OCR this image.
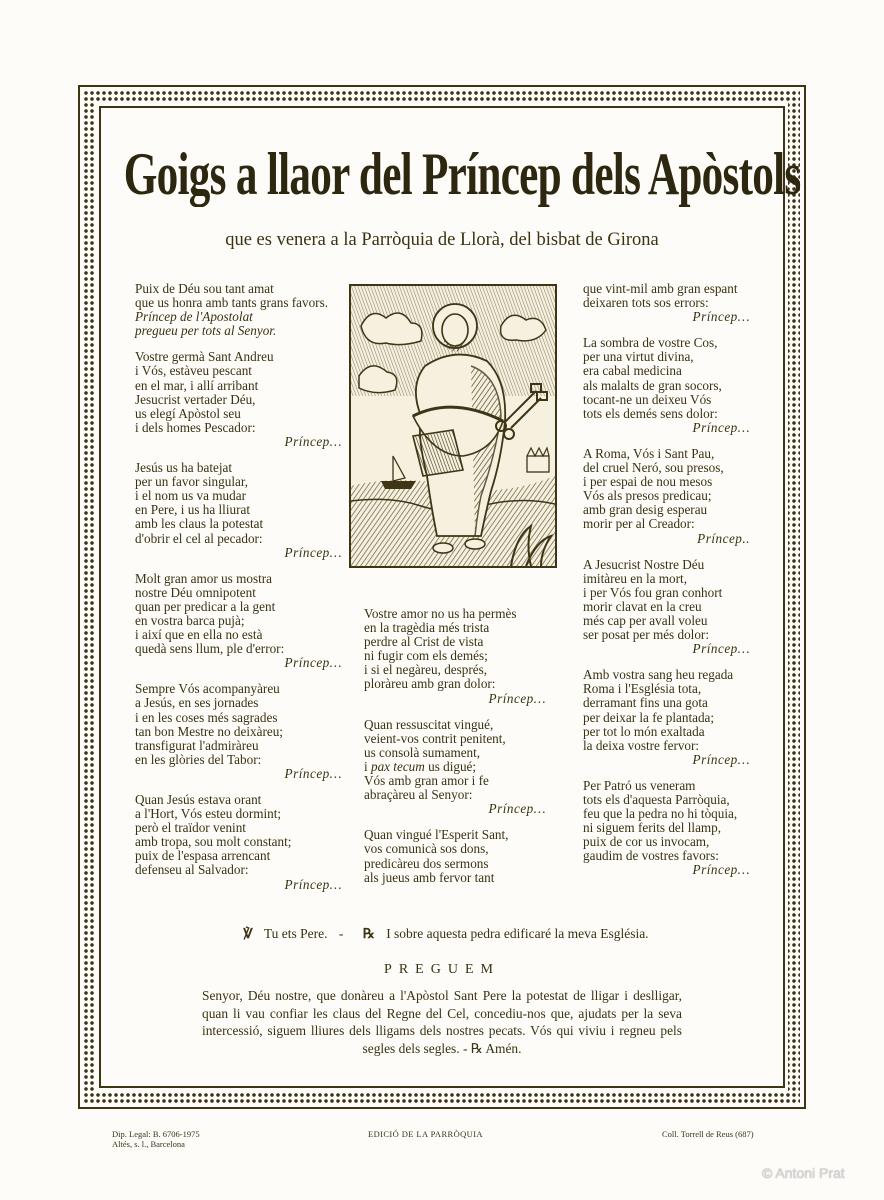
Goigs a llaor del Príncep dels Apòstols
que es venera a la Parròquia de Llorà, del bisbat de Girona
Puix de Déu sou tant amat
que us honra amb tants grans favors.
Príncep de l'Apostolat
pregueu per tots al Senyor.
Vostre germà Sant Andreu
i Vós, estàveu pescant
en el mar, i allí arribant
Jesucrist vertader Déu,
us elegí Apòstol seu
i dels homes Pescador:
Príncep…
Jesús us ha batejat
per un favor singular,
i el nom us va mudar
en Pere, i us ha lliurat
amb les claus la potestat
d'obrir el cel al pecador:
Príncep…
Molt gran amor us mostra
nostre Déu omnipotent
quan per predicar a la gent
en vostra barca pujà;
i així que en ella no està
quedà sens llum, ple d'error:
Príncep…
Sempre Vós acompanyàreu
a Jesús, en ses jornades
i en les coses més sagrades
tan bon Mestre no deixàreu;
transfigurat l'admiràreu
en les glòries del Tabor:
Príncep…
Quan Jesús estava orant
a l'Hort, Vós esteu dormint;
però el traïdor venint
amb tropa, sou molt constant;
puix de l'espasa arrencant
defenseu al Salvador:
Príncep…
Vostre amor no us ha permès
en la tragèdia més trista
perdre al Crist de vista
ni fugir com els demés;
i si el negàreu, després,
ploràreu amb gran dolor:
Príncep…
Quan ressuscitat vingué,
veient-vos contrit penitent,
us consolà sumament,
i pax tecum us digué;
Vós amb gran amor i fe
abraçàreu al Senyor:
Príncep…
Quan vingué l'Esperit Sant,
vos comunicà sos dons,
predicàreu dos sermons
als jueus amb fervor tant
que vint-mil amb gran espant
deixaren tots sos errors:
Príncep…
La sombra de vostre Cos,
per una virtut divina,
era cabal medicina
als malalts de gran socors,
tocant-ne un deixeu Vós
tots els demés sens dolor:
Príncep…
A Roma, Vós i Sant Pau,
del cruel Neró, sou presos,
i per espai de nou mesos
Vós als presos predicau;
amb gran desig esperau
morir per al Creador:
Príncep..
A Jesucrist Nostre Déu
imitàreu en la mort,
i per Vós fou gran conhort
morir clavat en la creu
més cap per avall voleu
ser posat per més dolor:
Príncep…
Amb vostra sang heu regada
Roma i l'Església tota,
derramant fins una gota
per deixar la fe plantada;
per tot lo món exaltada
la deixa vostre fervor:
Príncep…
Per Patró us veneram
tots els d'aquesta Parròquia,
feu que la pedra no hi tòquia,
ni siguem ferits del llamp,
puix de cor us invocam,
gaudim de vostres favors:
Príncep…
℣ Tu ets Pere. - ℞ I sobre aquesta pedra edificaré la meva Església.
PREGUEM
Senyor, Déu nostre, que donàreu a l'Apòstol Sant Pere la potestat de lligar i deslligar, quan li vau confiar les claus del Regne del Cel, concediu-nos que, ajudats per la seva intercessió, siguem lliures dels lligams dels nostres pecats. Vós qui viviu i regneu pels segles dels segles. - ℞ Amén.
Dip. Legal: B. 6706-1975
Altés, s. l., Barcelona
EDICIÓ DE LA PARRÒQUIA	Coll. Torrell de Reus (687)
© Antoni Prat
